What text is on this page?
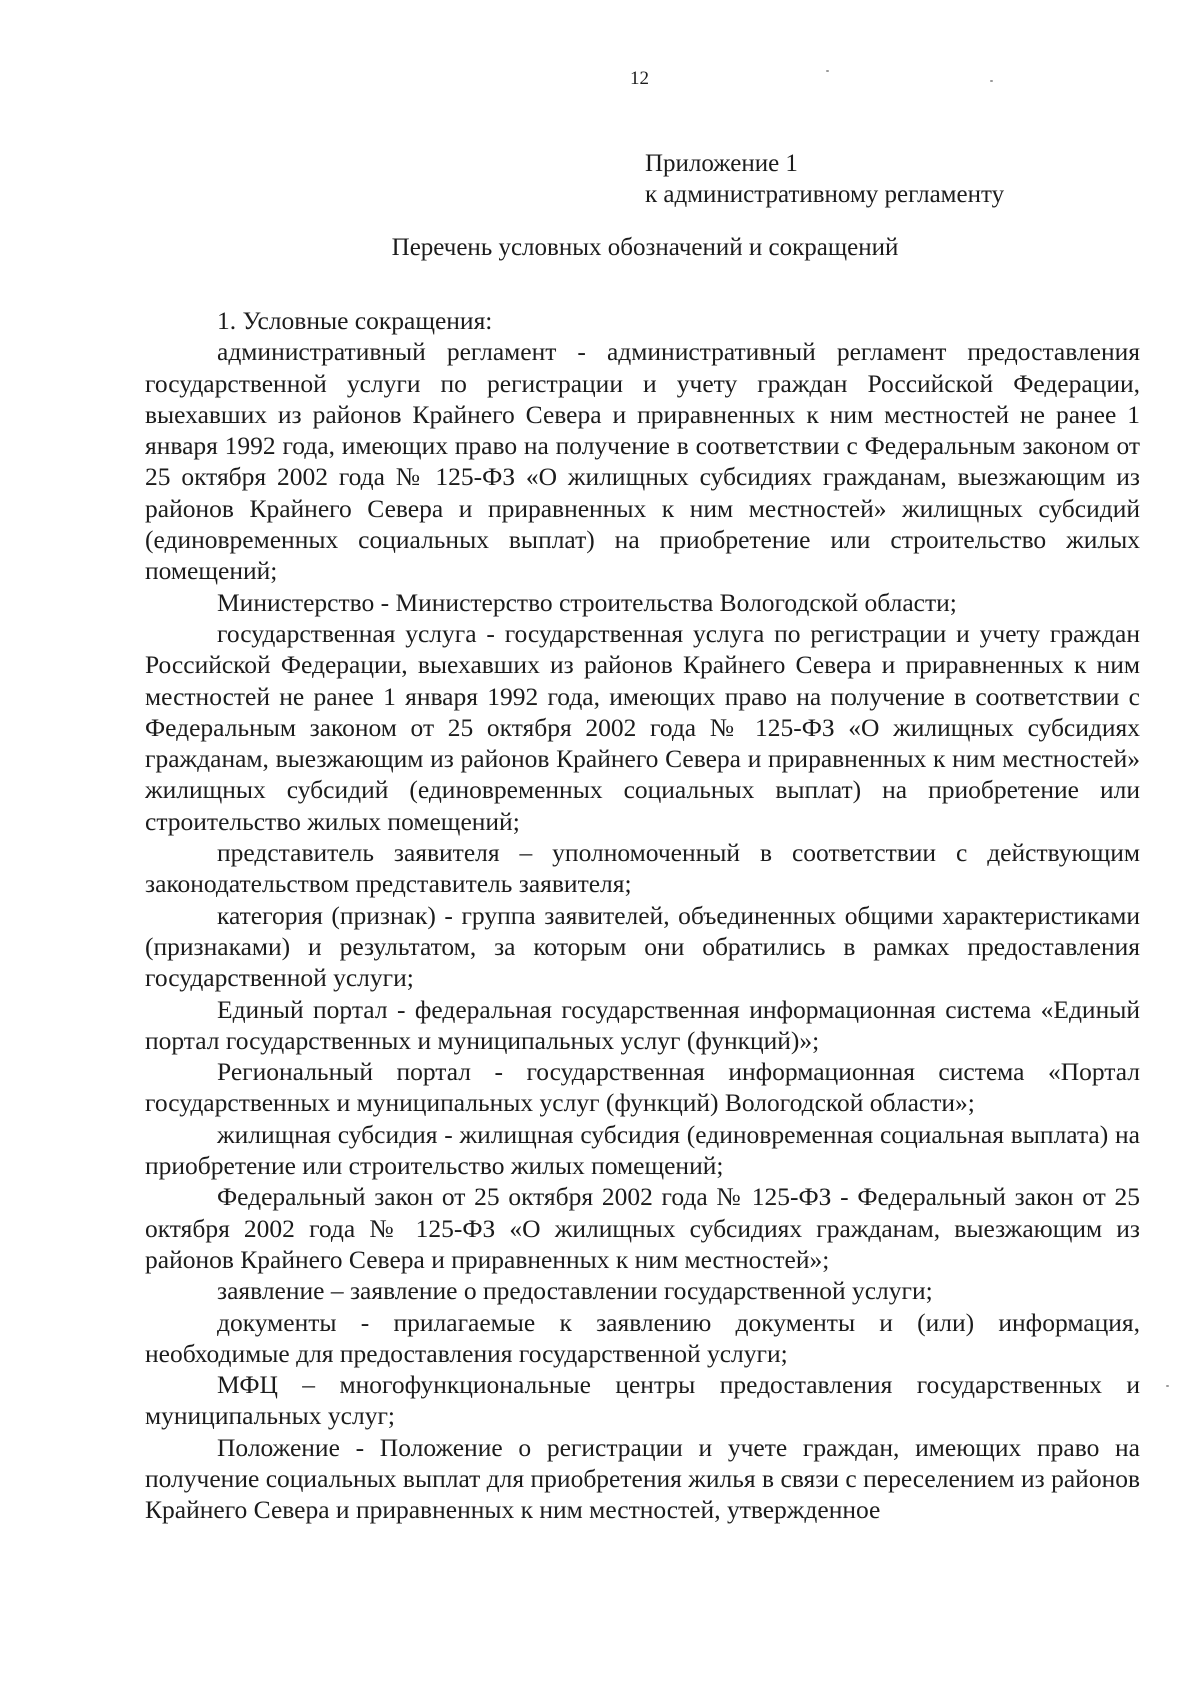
12
Приложение 1
к административному регламенту
Перечень условных обозначений и сокращений

1. Условные сокращения:

административный регламент - административный регламент предоставления государственной услуги по регистрации и учету граждан Российской Федерации, выехавших из районов Крайнего Севера и приравненных к ним местностей не ранее 1 января 1992 года, имеющих право на получение в соответствии с Федеральным законом от 25 октября 2002 года № 125-ФЗ «О жилищных субсидиях гражданам, выезжающим из районов Крайнего Севера и приравненных к ним местностей» жилищных субсидий (единовременных социальных выплат) на приобретение или строительство жилых помещений;

Министерство - Министерство строительства Вологодской области;

государственная услуга - государственная услуга по регистрации и учету граждан Российской Федерации, выехавших из районов Крайнего Севера и приравненных к ним местностей не ранее 1 января 1992 года, имеющих право на получение в соответствии с Федеральным законом от 25 октября 2002 года № 125-ФЗ «О жилищных субсидиях гражданам, выезжающим из районов Крайнего Севера и приравненных к ним местностей» жилищных субсидий (единовременных социальных выплат) на приобретение или строительство жилых помещений;

представитель заявителя – уполномоченный в соответствии с действующим законодательством представитель заявителя;

категория (признак) - группа заявителей, объединенных общими характеристиками (признаками) и результатом, за которым они обратились в рамках предоставления государственной услуги;

Единый портал - федеральная государственная информационная система «Единый портал государственных и муниципальных услуг (функций)»;

Региональный портал - государственная информационная система «Портал государственных и муниципальных услуг (функций) Вологодской области»;

жилищная субсидия - жилищная субсидия (единовременная социальная выплата) на приобретение или строительство жилых помещений;

Федеральный закон от 25 октября 2002 года № 125-ФЗ - Федеральный закон от 25 октября 2002 года № 125-ФЗ «О жилищных субсидиях гражданам, выезжающим из районов Крайнего Севера и приравненных к ним местностей»;

заявление – заявление о предоставлении государственной услуги;

документы - прилагаемые к заявлению документы и (или) информация, необходимые для предоставления государственной услуги;

МФЦ – многофункциональные центры предоставления государственных и муниципальных услуг;

Положение - Положение о регистрации и учете граждан, имеющих право на получение социальных выплат для приобретения жилья в связи с переселением из районов Крайнего Севера и приравненных к ним местностей, утвержденное
